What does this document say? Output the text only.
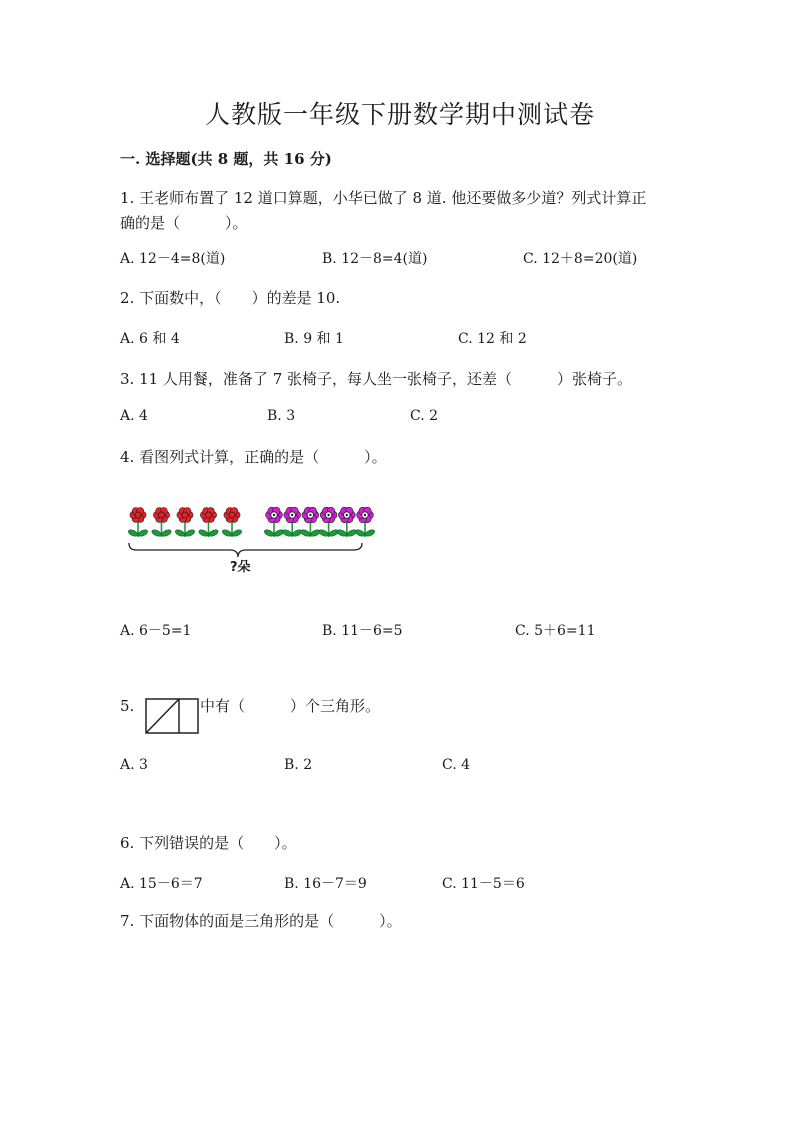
人教版一年级下册数学期中测试卷
一. 选择题(共 8 题，共 16 分)
1. 王老师布置了 12 道口算题，小华已做了 8 道. 他还要做多少道？列式计算正
确的是（　　　）。
A. 12－4=8(道)	B. 12－8=4(道)	C. 12＋8=20(道)
2. 下面数中，（　　）的差是 10.
A. 6 和 4	B. 9 和 1	C. 12 和 2
3. 11 人用餐，准备了 7 张椅子，每人坐一张椅子，还差（　　　）张椅子。
A. 4	B. 3	C. 2
4. 看图列式计算，正确的是（　　　）。
?朵
A. 6－5=1	B. 11－6=5	C. 5＋6=11
5.	中有（　　　）个三角形。
A. 3	B. 2	C. 4
6. 下列错误的是（　　）。
A. 15－6＝7	B. 16－7＝9	C. 11－5＝6
7. 下面物体的面是三角形的是（　　　）。
